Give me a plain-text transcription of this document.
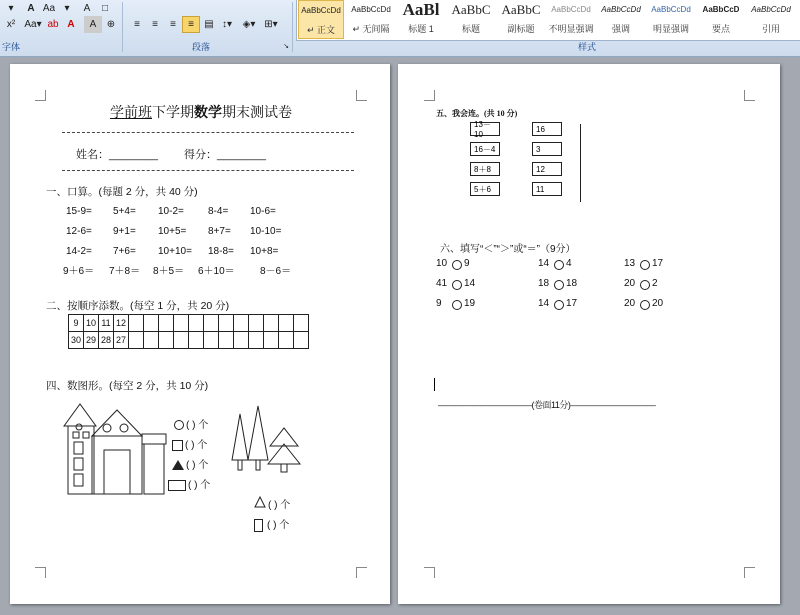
▾	A Aa ▾	A	□
x² Aa▾ ab A	A	⊕
字体
≡	≡	≡	≡	▤ ↕▾	◈▾ ⊞▾
段落	↘
AaBbCcDd
↵ 正文
AaBbCcDd
↵ 无间隔
AaBl
标题 1
AaBbC
标题
AaBbC
副标题
AaBbCcDd
不明显强调
AaBbCcDd
强调
AaBbCcDd
明显强调
AaBbCcD
要点
AaBbCcDd
引用
样式
学前班下学期数学期末测试卷
姓名：________ 得分：________
一、口算。(每题 2 分，共 40 分)
15-9= 5+4= 10-2= 8-4= 10-6=
12-6= 9+1= 10+5= 8+7= 10-10=
14-2= 7+6= 10+10= 18-8= 10+8=
9＋6＝ 7＋8＝ 8＋5＝ 6＋10＝	8－6＝
二、按顺序添数。(每空 1 分，共 20 分)
9	10	11	12												
30	29	28	27												
四、数图形。(每空 2 分，共 10 分)
( ) 个
( ) 个
( ) 个
( ) 个
( ) 个
( ) 个
五、我会连。(共 10 分)
13－10
16－4
8＋8
5＋6
16
3
12
11
六、填写“＜”“＞”或“＝”（9分）
10 9	14 4	13 17
41 14	18 18	20 2
9 19	14 17	20 20
———————————(卷面11分)——————————
